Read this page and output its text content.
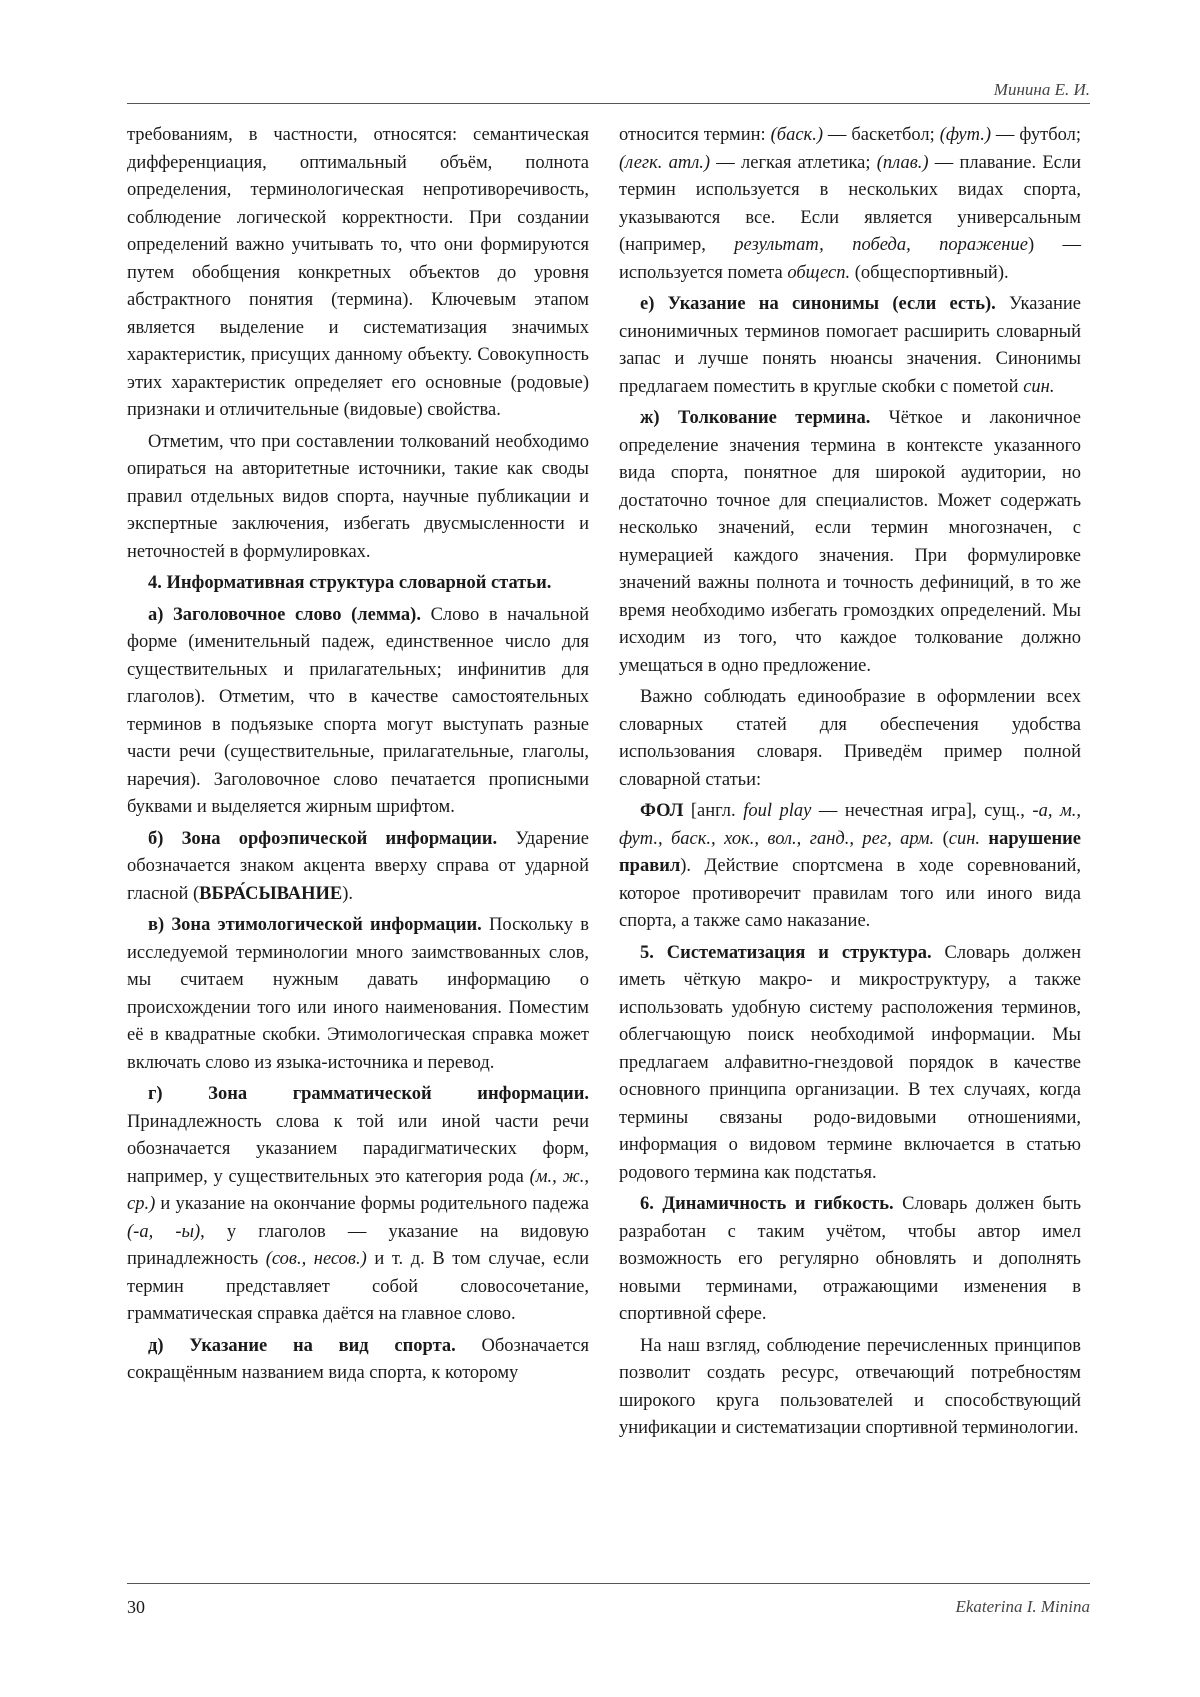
Минина Е. И.

требованиям, в частности, относятся: семантическая дифференциация, оптимальный объём, полнота определения, терминологическая непротиворечивость, соблюдение логической корректности. При создании определений важно учитывать то, что они формируются путем обобщения конкретных объектов до уровня абстрактного понятия (термина). Ключевым этапом является выделение и систематизация значимых характеристик, присущих данному объекту. Совокупность этих характеристик определяет его основные (родовые) признаки и отличительные (видовые) свойства.

Отметим, что при составлении толкований необходимо опираться на авторитетные источники, такие как своды правил отдельных видов спорта, научные публикации и экспертные заключения, избегать двусмысленности и неточностей в формулировках.

4. Информативная структура словарной статьи.

а) Заголовочное слово (лемма). Слово в начальной форме (именительный падеж, единственное число для существительных и прилагательных; инфинитив для глаголов). Отметим, что в качестве самостоятельных терминов в подъязыке спорта могут выступать разные части речи (существительные, прилагательные, глаголы, наречия). Заголовочное слово печатается прописными буквами и выделяется жирным шрифтом.

б) Зона орфоэпической информации. Ударение обозначается знаком акцента вверху справа от ударной гласной (ВБРА́СЫВАНИЕ).

в) Зона этимологической информации. Поскольку в исследуемой терминологии много заимствованных слов, мы считаем нужным давать информацию о происхождении того или иного наименования. Поместим её в квадратные скобки. Этимологическая справка может включать слово из языка-источника и перевод.

г) Зона грамматической информации. Принадлежность слова к той или иной части речи обозначается указанием парадигматических форм, например, у существительных это категория рода (м., ж., ср.) и указание на окончание формы родительного падежа (-а, -ы), у глаголов — указание на видовую принадлежность (сов., несов.) и т. д. В том случае, если термин представляет собой словосочетание, грамматическая справка даётся на главное слово.

д) Указание на вид спорта. Обозначается сокращённым названием вида спорта, к которому

относится термин: (баск.) — баскетбол; (фут.) — футбол; (легк. атл.) — легкая атлетика; (плав.) — плавание. Если термин используется в нескольких видах спорта, указываются все. Если является универсальным (например, результат, победа, поражение) — используется помета общесп. (общеспортивный).

е) Указание на синонимы (если есть). Указание синонимичных терминов помогает расширить словарный запас и лучше понять нюансы значения. Синонимы предлагаем поместить в круглые скобки с пометой син.

ж) Толкование термина. Чёткое и лаконичное определение значения термина в контексте указанного вида спорта, понятное для широкой аудитории, но достаточно точное для специалистов. Может содержать несколько значений, если термин многозначен, с нумерацией каждого значения. При формулировке значений важны полнота и точность дефиниций, в то же время необходимо избегать громоздких определений. Мы исходим из того, что каждое толкование должно умещаться в одно предложение.

Важно соблюдать единообразие в оформлении всех словарных статей для обеспечения удобства использования словаря. Приведём пример полной словарной статьи:

ФОЛ [англ. foul play — нечестная игра], сущ., -а, м., фут., баск., хок., вол., ганд., рег, арм. (син. нарушение правил). Действие спортсмена в ходе соревнований, которое противоречит правилам того или иного вида спорта, а также само наказание.

5. Систематизация и структура. Словарь должен иметь чёткую макро- и микроструктуру, а также использовать удобную систему расположения терминов, облегчающую поиск необходимой информации. Мы предлагаем алфавитно-гнездовой порядок в качестве основного принципа организации. В тех случаях, когда термины связаны родо-видовыми отношениями, информация о видовом термине включается в статью родового термина как подстатья.

6. Динамичность и гибкость. Словарь должен быть разработан с таким учётом, чтобы автор имел возможность его регулярно обновлять и дополнять новыми терминами, отражающими изменения в спортивной сфере.

На наш взгляд, соблюдение перечисленных принципов позволит создать ресурс, отвечающий потребностям широкого круга пользователей и способствующий унификации и систематизации спортивной терминологии.

30	Ekaterina I. Minina
